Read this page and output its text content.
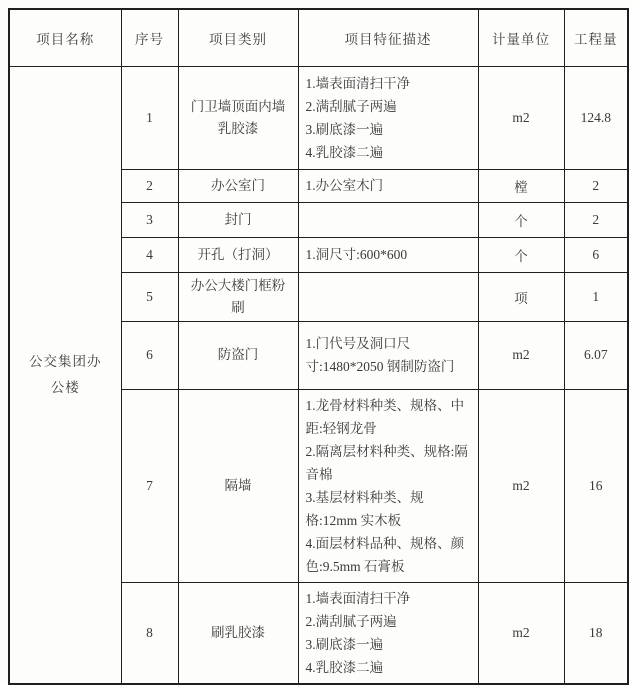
项目名称	序号	项目类别	项目特征描述	计量单位	工程量
公交集团办公楼	1	门卫墙顶面内墙乳胶漆	1.墙表面清扫干净
2.满刮腻子两遍
3.刷底漆一遍
4.乳胶漆二遍	m2	124.8
	2	办公室门	1.办公室木门	樘	2
	3	封门		个	2
	4	开孔（打洞）	1.洞尺寸:600*600	个	6
	5	办公大楼门框粉刷		项	1
	6	防盗门	1.门代号及洞口尺寸:1480*2050 钢制防盗门	m2	6.07
	7	隔墙	1.龙骨材料种类、规格、中距:轻钢龙骨
2.隔离层材料种类、规格:隔音棉
3.基层材料种类、规格:12mm 实木板
4.面层材料品种、规格、颜色:9.5mm 石膏板	m2	16
	8	刷乳胶漆	1.墙表面清扫干净
2.满刮腻子两遍
3.刷底漆一遍
4.乳胶漆二遍	m2	18
